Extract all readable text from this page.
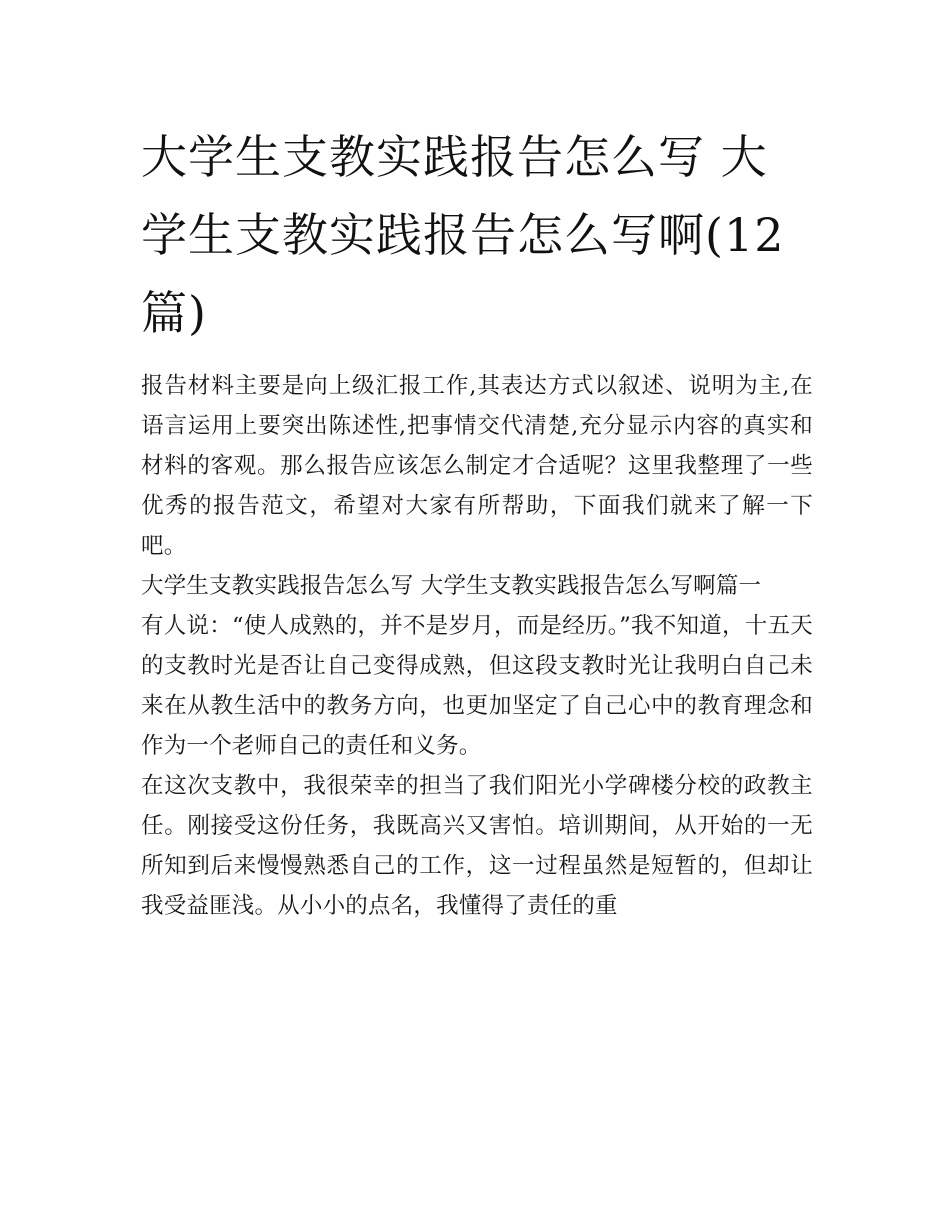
大学生支教实践报告怎么写 大学生支教实践报告怎么写啊(12篇)

报告材料主要是向上级汇报工作,其表达方式以叙述、说明为主,在语言运用上要突出陈述性,把事情交代清楚,充分显示内容的真实和材料的客观。那么报告应该怎么制定才合适呢？这里我整理了一些优秀的报告范文，希望对大家有所帮助，下面我们就来了解一下吧。

大学生支教实践报告怎么写 大学生支教实践报告怎么写啊篇一

有人说：“使人成熟的，并不是岁月，而是经历。”我不知道，十五天的支教时光是否让自己变得成熟，但这段支教时光让我明白自己未来在从教生活中的教务方向，也更加坚定了自己心中的教育理念和作为一个老师自己的责任和义务。

在这次支教中，我很荣幸的担当了我们阳光小学碑楼分校的政教主任。刚接受这份任务，我既高兴又害怕。培训期间，从开始的一无所知到后来慢慢熟悉自己的工作，这一过程虽然是短暂的，但却让我受益匪浅。从小小的点名，我懂得了责任的重
